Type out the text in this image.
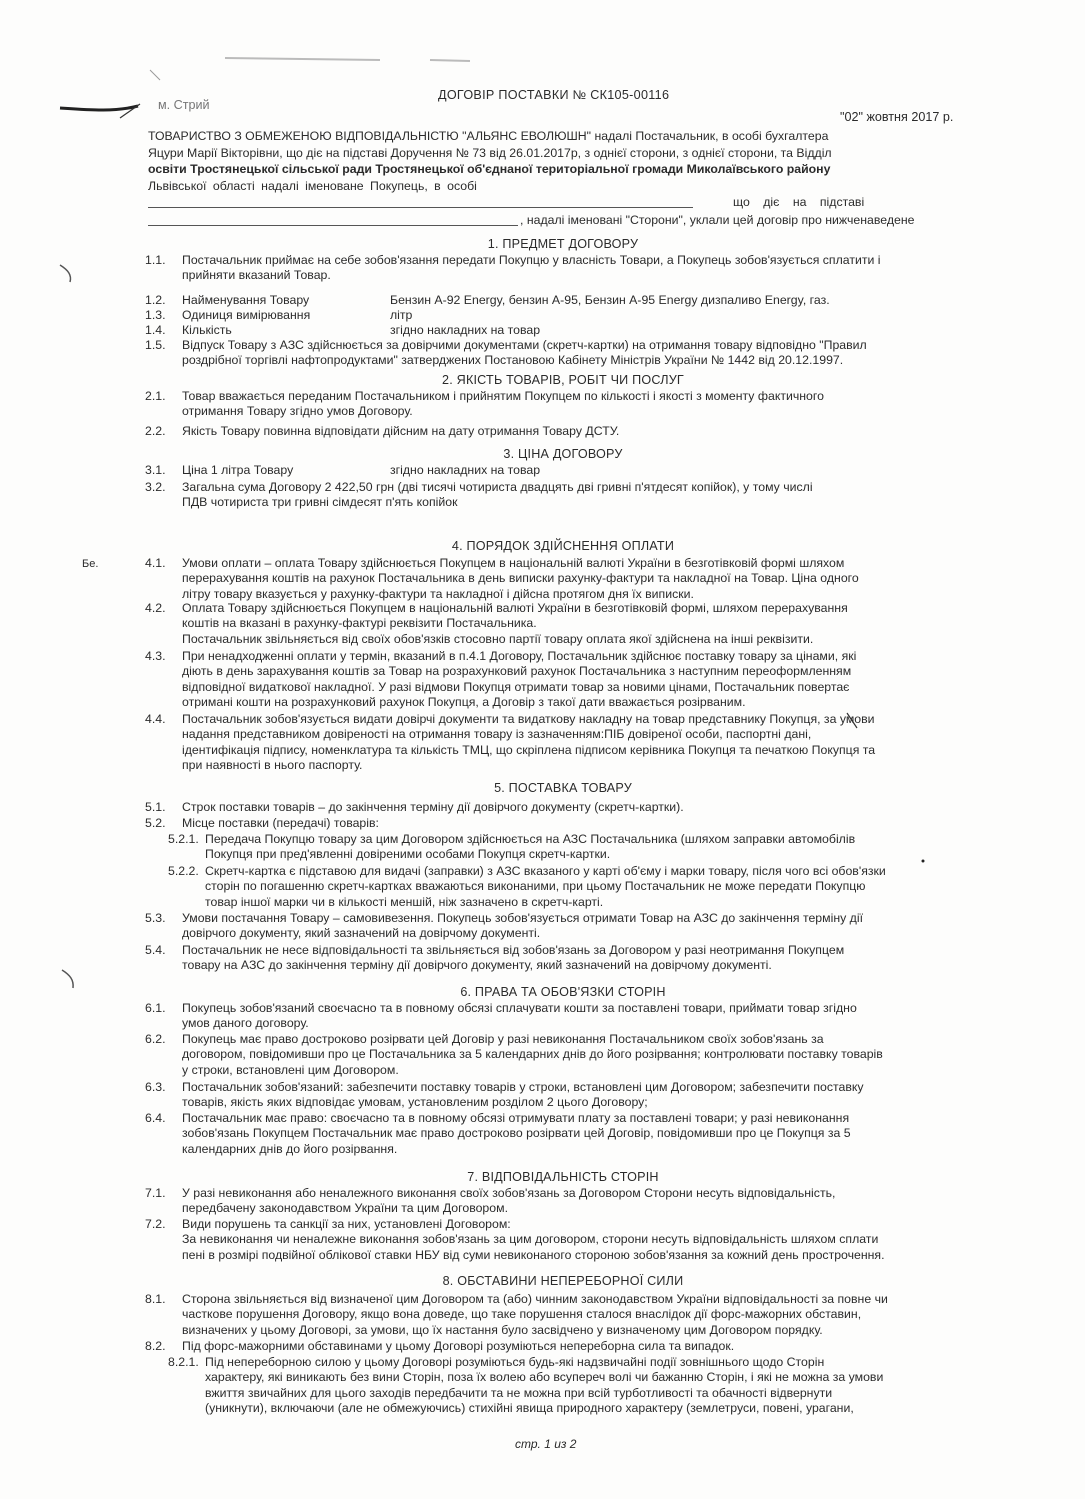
м. Стрий
ДОГОВІР ПОСТАВКИ № СК105-00116
"02" жовтня 2017 р.
ТОВАРИСТВО З ОБМЕЖЕНОЮ ВІДПОВІДАЛЬНІСТЮ "АЛЬЯНС ЕВОЛЮШН" надалі Постачальник, в особі бухгалтера
Яцури Марії Вікторівни, що діє на підставі Доручення № 73 від 26.01.2017р, з однієї сторони, з однієї сторони, та Відділ
освіти Тростянецької сільської ради Тростянецької об'єднаної територіальної громади Миколаївського району
Львівської області надалі іменоване Покупець, в особі
що діє на підставі
, надалі іменовані "Сторони", уклали цей договір про нижченаведене
Бе.
1. ПРЕДМЕТ ДОГОВОРУ
1.1. Постачальник приймає на себе зобов'язання передати Покупцю у власність Товари, а Покупець зобов'язується сплатити і
прийняти вказаний Товар.
1.2. Найменування Товару	Бензин А-92 Energy, бензин А-95, Бензин А-95 Energy дизпаливо Energy, газ.
1.3. Одиниця вимірювання	літр
1.4. Кількість	згідно накладних на товар
1.5. Відпуск Товару з АЗС здійснюється за довірчими документами (скретч-картки) на отримання товару відповідно "Правил
роздрібної торгівлі нафтопродуктами" затверджених Постановою Кабінету Міністрів України № 1442 від 20.12.1997.
2. ЯКІСТЬ ТОВАРІВ, РОБІТ ЧИ ПОСЛУГ
2.1. Товар вважається переданим Постачальником і прийнятим Покупцем по кількості і якості з моменту фактичного
отримання Товару згідно умов Договору.
2.2. Якість Товару повинна відповідати дійсним на дату отримання Товару ДСТУ.
3. ЦІНА ДОГОВОРУ
3.1. Ціна 1 літра Товару	згідно накладних на товар
3.2. Загальна сума Договору 2 422,50 грн (дві тисячі чотириста двадцять дві гривні п'ятдесят копійок), у тому числі
ПДВ чотириста три гривні сімдесят п'ять копійок
4. ПОРЯДОК ЗДІЙСНЕННЯ ОПЛАТИ
4.1. Умови оплати – оплата Товару здійснюється Покупцем в національній валюті України в безготівковій формі шляхом
перерахування коштів на рахунок Постачальника в день виписки рахунку-фактури та накладної на Товар. Ціна одного
літру товару вказується у рахунку-фактури та накладної і дійсна протягом дня їх виписки.
4.2. Оплата Товару здійснюється Покупцем в національній валюті України в безготівковій формі, шляхом перерахування
коштів на вказані в рахунку-фактурі реквізити Постачальника.
Постачальник звільняється від своїх обов'язків стосовно партії товару оплата якої здійснена на інші реквізити.
4.3. При ненадходженні оплати у термін, вказаний в п.4.1 Договору, Постачальник здійснює поставку товару за цінами, які
діють в день зарахування коштів за Товар на розрахунковий рахунок Постачальника з наступним переоформленням
відповідної видаткової накладної. У разі відмови Покупця отримати товар за новими цінами, Постачальник повертає
отримані кошти на розрахунковий рахунок Покупця, а Договір з такої дати вважається розірваним.
4.4. Постачальник зобов'язується видати довірчі документи та видаткову накладну на товар представнику Покупця, за умови
надання представником довіреності на отримання товару із зазначенням:ПІБ довіреної особи, паспортні дані,
ідентифікація підпису, номенклатура та кількість ТМЦ, що скріплена підписом керівника Покупця та печаткою Покупця та
при наявності в нього паспорту.
5. ПОСТАВКА ТОВАРУ
5.1. Строк поставки товарів – до закінчення терміну дії довірчого документу (скретч-картки).
5.2. Місце поставки (передачі) товарів:
5.2.1. Передача Покупцю товару за цим Договором здійснюється на АЗС Постачальника (шляхом заправки автомобілів
Покупця при пред'явленні довіреними особами Покупця скретч-картки.
5.2.2. Скретч-картка є підставою для видачі (заправки) з АЗС вказаного у карті об'єму і марки товару, після чого всі обов'язки
сторін по погашенню скретч-картках вважаються виконаними, при цьому Постачальник не може передати Покупцю
товар іншої марки чи в кількості меншій, ніж зазначено в скретч-карті.
5.3. Умови постачання Товару – самовивезення. Покупець зобов'язується отримати Товар на АЗС до закінчення терміну дії
довірчого документу, який зазначений на довірчому документі.
5.4. Постачальник не несе відповідальності та звільняється від зобов'язань за Договором у разі неотримання Покупцем
товару на АЗС до закінчення терміну дії довірчого документу, який зазначений на довірчому документі.
6. ПРАВА ТА ОБОВ'ЯЗКИ СТОРІН
6.1. Покупець зобов'язаний своєчасно та в повному обсязі сплачувати кошти за поставлені товари, приймати товар згідно
умов даного договору.
6.2. Покупець має право достроково розірвати цей Договір у разі невиконання Постачальником своїх зобов'язань за
договором, повідомивши про це Постачальника за 5 календарних днів до його розірвання; контролювати поставку товарів
у строки, встановлені цим Договором.
6.3. Постачальник зобов'язаний: забезпечити поставку товарів у строки, встановлені цим Договором; забезпечити поставку
товарів, якість яких відповідає умовам, установленим розділом 2 цього Договору;
6.4. Постачальник має право: своєчасно та в повному обсязі отримувати плату за поставлені товари; у разі невиконання
зобов'язань Покупцем Постачальник має право достроково розірвати цей Договір, повідомивши про це Покупця за 5
календарних днів до його розірвання.
7. ВІДПОВІДАЛЬНІСТЬ СТОРІН
7.1. У разі невиконання або неналежного виконання своїх зобов'язань за Договором Сторони несуть відповідальність,
передбачену законодавством України та цим Договором.
7.2. Види порушень та санкції за них, установлені Договором:
За невиконання чи неналежне виконання зобов'язань за цим договором, сторони несуть відповідальність шляхом сплати
пені в розмірі подвійної облікової ставки НБУ від суми невиконаного стороною зобов'язання за кожний день прострочення.
8. ОБСТАВИНИ НЕПЕРЕБОРНОЇ СИЛИ
8.1. Сторона звільняється від визначеної цим Договором та (або) чинним законодавством України відповідальності за повне чи
часткове порушення Договору, якщо вона доведе, що таке порушення сталося внаслідок дії форс-мажорних обставин,
визначених у цьому Договорі, за умови, що їх настання було засвідчено у визначеному цим Договором порядку.
8.2. Під форс-мажорними обставинами у цьому Договорі розуміються непереборна сила та випадок.
8.2.1. Під непереборною силою у цьому Договорі розуміються будь-які надзвичайні події зовнішнього щодо Сторін
характеру, які виникають без вини Сторін, поза їх волею або всупереч волі чи бажанню Сторін, і які не можна за умови
вжиття звичайних для цього заходів передбачити та не можна при всій турботливості та обачності відвернути
(уникнути), включаючи (але не обмежуючись) стихійні явища природного характеру (землетруси, повені, урагани,
стр. 1 из 2
